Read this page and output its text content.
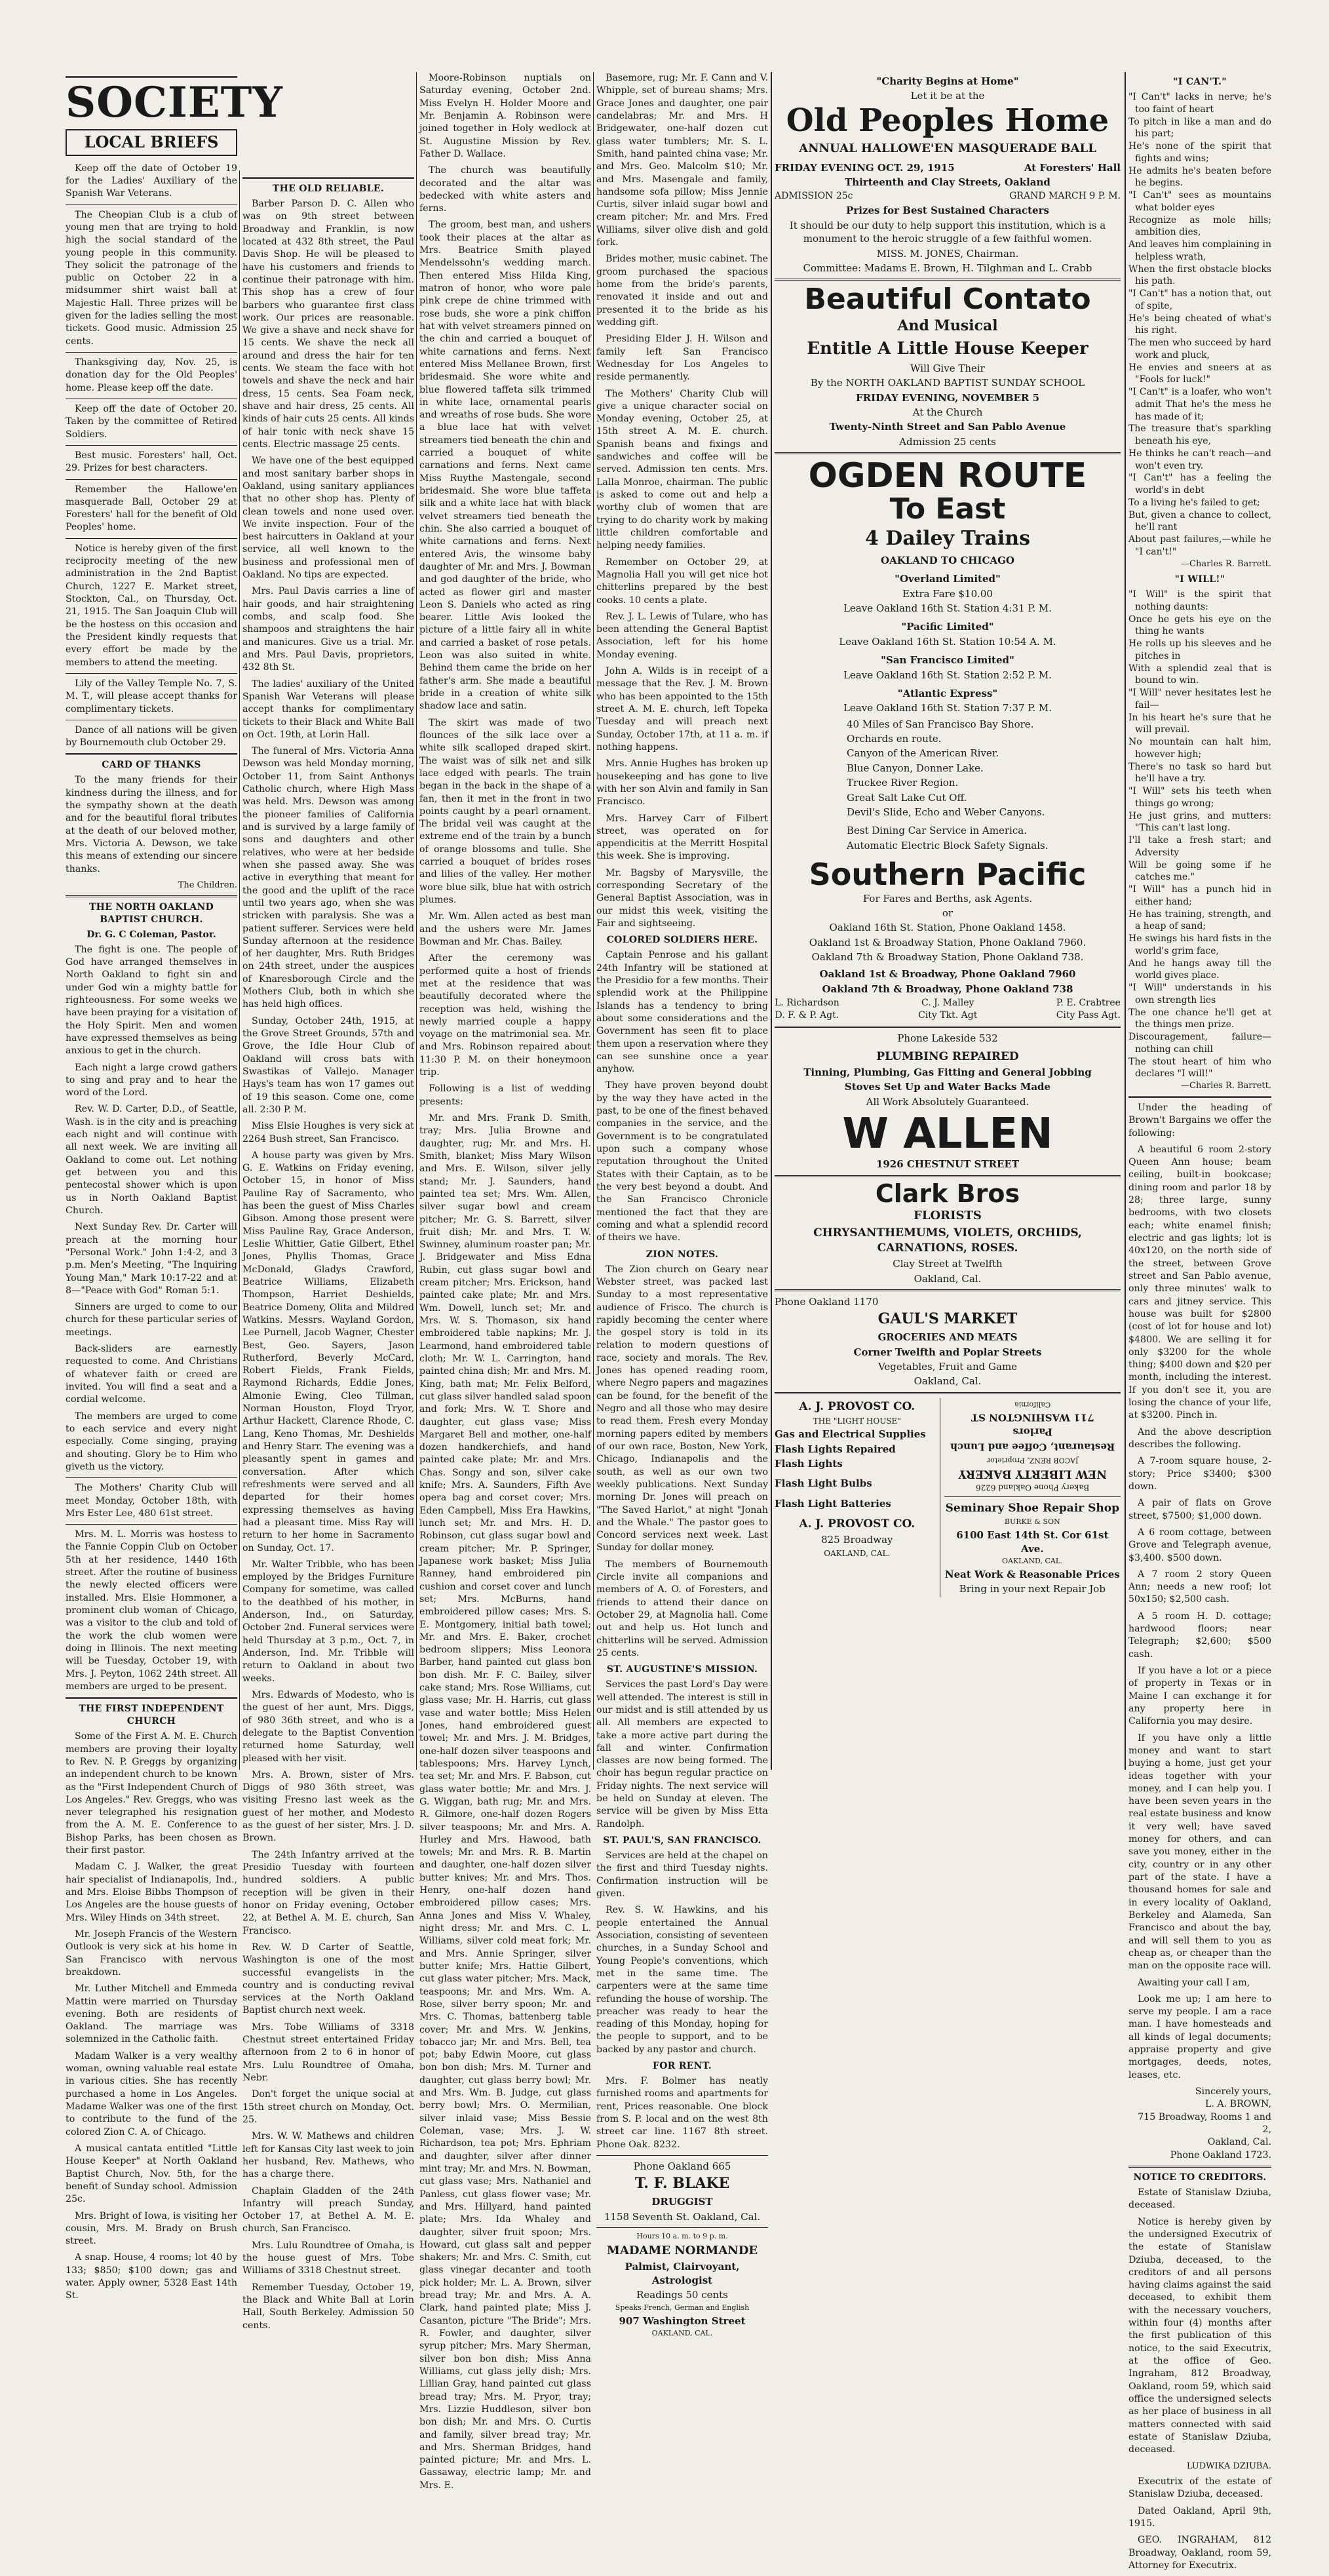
SOCIETY
LOCAL BRIEFS

Keep off the date of October 19 for the Ladies' Auxiliary of the Spanish War Veterans.

The Cheopian Club is a club of young men that are trying to hold high the social standard of the young people in this community. They solicit the patronage of the public on October 22 in a midsummer shirt waist ball at Majestic Hall. Three prizes will be given for the ladies selling the most tickets. Good music. Admission 25 cents.

Thanksgiving day, Nov. 25, is donation day for the Old Peoples' home. Please keep off the date.

Keep off the date of October 20. Taken by the committee of Retired Soldiers.

Best music. Foresters' hall, Oct. 29. Prizes for best characters.

Remember the Hallowe'en masquerade Ball, October 29 at Foresters' hall for the benefit of Old Peoples' home.

Notice is hereby given of the first reciprocity meeting of the new administration in the 2nd Baptist Church, 1227 E. Market street, Stockton, Cal., on Thursday, Oct. 21, 1915. The San Joaquin Club will be the hostess on this occasion and the President kindly requests that every effort be made by the members to attend the meeting.

Lily of the Valley Temple No. 7, S. M. T., will please accept thanks for complimentary tickets.

Dance of all nations will be given by Bournemouth club October 29.

CARD OF THANKS

To the many friends for their kindness during the illness, and for the sympathy shown at the death and for the beautiful floral tributes at the death of our beloved mother, Mrs. Victoria A. Dewson, we take this means of extending our sincere thanks.

The Children.
THE NORTH OAKLAND BAPTIST CHURCH.
Dr. G. C Coleman, Pastor.

The fight is one. The people of God have arranged themselves in North Oakland to fight sin and under God win a mighty battle for righteousness. For some weeks we have been praying for a visitation of the Holy Spirit. Men and women have expressed themselves as being anxious to get in the church.

Each night a large crowd gathers to sing and pray and to hear the word of the Lord.

Rev. W. D. Carter, D.D., of Seattle, Wash. is in the city and is preaching each night and will continue with all next week. We are inviting all Oakland to come out. Let nothing get between you and this pentecostal shower which is upon us in North Oakland Baptist Church.

Next Sunday Rev. Dr. Carter will preach at the morning hour "Personal Work." John 1:4-2, and 3 p.m. Men's Meeting, "The Inquiring Young Man," Mark 10:17-22 and at 8—"Peace with God" Roman 5:1.

Sinners are urged to come to our church for these particular series of meetings.

Back-sliders are earnestly requested to come. And Christians of whatever faith or creed are invited. You will find a seat and a cordial welcome.

The members are urged to come to each service and every night especially. Come singing, praying and shouting. Glory be to Him who giveth us the victory.

The Mothers' Charity Club will meet Monday, October 18th, with Mrs Ester Lee, 480 61st street.

Mrs. M. L. Morris was hostess to the Fannie Coppin Club on October 5th at her residence, 1440 16th street. After the routine of business the newly elected officers were installed. Mrs. Elsie Hommoner, a prominent club woman of Chicago, was a visitor to the club and told of the work the club women were doing in Illinois. The next meeting will be Tuesday, October 19, with Mrs. J. Peyton, 1062 24th street. All members are urged to be present.

THE FIRST INDEPENDENT CHURCH

Some of the First A. M. E. Church members are proving their loyalty to Rev. N. P. Greggs by organizing an independent church to be known as the "First Independent Church of Los Angeles." Rev. Greggs, who was never telegraphed his resignation from the A. M. E. Conference to Bishop Parks, has been chosen as their first pastor.

Madam C. J. Walker, the great hair specialist of Indianapolis, Ind., and Mrs. Eloise Bibbs Thompson of Los Angeles are the house guests of Mrs. Wiley Hinds on 34th street.

Mr. Joseph Francis of the Western Outlook is very sick at his home in San Francisco with nervous breakdown.

Mr. Luther Mitchell and Emmeda Mattin were married on Thursday evening. Both are residents of Oakland. The marriage was solemnized in the Catholic faith.

Madam Walker is a very wealthy woman, owning valuable real estate in various cities. She has recently purchased a home in Los Angeles. Madame Walker was one of the first to contribute to the fund of the colored Zion C. A. of Chicago.

A musical cantata entitled "Little House Keeper" at North Oakland Baptist Church, Nov. 5th, for the benefit of Sunday school. Admission 25c.

Mrs. Bright of Iowa, is visiting her cousin, Mrs. M. Brady on Brush street.

A snap. House, 4 rooms; lot 40 by 133; $850; $100 down; gas and water. Apply owner, 5328 East 14th St.

THE OLD RELIABLE.

Barber Parson D. C. Allen who was on 9th street between Broadway and Franklin, is now located at 432 8th street, the Paul Davis Shop. He will be pleased to have his customers and friends to continue their patronage with him. This shop has a crew of four barbers who guarantee first class work. Our prices are reasonable. We give a shave and neck shave for 15 cents. We shave the neck all around and dress the hair for ten cents. We steam the face with hot towels and shave the neck and hair dress, 15 cents. Sea Foam neck, shave and hair dress, 25 cents. All kinds of hair cuts 25 cents. All kinds of hair tonic with neck shave 15 cents. Electric massage 25 cents.

We have one of the best equipped and most sanitary barber shops in Oakland, using sanitary appliances that no other shop has. Plenty of clean towels and none used over. We invite inspection. Four of the best haircutters in Oakland at your service, all well known to the business and professional men of Oakland. No tips are expected.

Mrs. Paul Davis carries a line of hair goods, and hair straightening combs, and scalp food. She shampoos and straightens the hair and manicures. Give us a trial. Mr. and Mrs. Paul Davis, proprietors, 432 8th St.

The ladies' auxiliary of the United Spanish War Veterans will please accept thanks for complimentary tickets to their Black and White Ball on Oct. 19th, at Lorin Hall.

The funeral of Mrs. Victoria Anna Dewson was held Monday morning, October 11, from Saint Anthonys Catholic church, where High Mass was held. Mrs. Dewson was among the pioneer families of California and is survived by a large family of sons and daughters and other relatives, who were at her bedside when she passed away. She was active in everything that meant for the good and the uplift of the race until two years ago, when she was stricken with paralysis. She was a patient sufferer. Services were held Sunday afternoon at the residence of her daughter, Mrs. Ruth Bridges on 24th street, under the auspices of Knaresborough Circle and the Mothers Club, both in which she has held high offices.

Sunday, October 24th, 1915, at the Grove Street Grounds, 57th and Grove, the Idle Hour Club of Oakland will cross bats with Swastikas of Vallejo. Manager Hays's team has won 17 games out of 19 this season. Come one, come all. 2:30 P. M.

Miss Elsie Houghes is very sick at 2264 Bush street, San Francisco.

A house party was given by Mrs. G. E. Watkins on Friday evening, October 15, in honor of Miss Pauline Ray of Sacramento, who has been the guest of Miss Charles Gibson. Among those present were Miss Pauline Ray, Grace Anderson, Leslie Whittier, Gatie Gilbert, Ethel Jones, Phyllis Thomas, Grace McDonald, Gladys Crawford, Beatrice Williams, Elizabeth Thompson, Harriet Deshields, Beatrice Domeny, Olita and Mildred Watkins. Messrs. Wayland Gordon, Lee Purnell, Jacob Wagner, Chester Best, Geo. Sayers, Jason Rutherford, Beverly McCard, Robert Fields, Frank Fields, Raymond Richards, Eddie Jones, Almonie Ewing, Cleo Tillman, Norman Houston, Floyd Tryor, Arthur Hackett, Clarence Rhode, C. Lang, Keno Thomas, Mr. Deshields and Henry Starr. The evening was a pleasantly spent in games and conversation. After which refreshments were served and all departed for their homes expressing themselves as having had a pleasant time. Miss Ray will return to her home in Sacramento on Sunday, Oct. 17.

Mr. Walter Tribble, who has been employed by the Bridges Furniture Company for sometime, was called to the deathbed of his mother, in Anderson, Ind., on Saturday, October 2nd. Funeral services were held Thursday at 3 p.m., Oct. 7, in Anderson, Ind. Mr. Tribble will return to Oakland in about two weeks.

Mrs. Edwards of Modesto, who is the guest of her aunt, Mrs. Diggs, of 980 36th street, and who is a delegate to the Baptist Convention returned home Saturday, well pleased with her visit.

Mrs. A. Brown, sister of Mrs. Diggs of 980 36th street, was visiting Fresno last week as the guest of her mother, and Modesto as the guest of her sister, Mrs. J. D. Brown.

The 24th Infantry arrived at the Presidio Tuesday with fourteen hundred soldiers. A public reception will be given in their honor on Friday evening, October 22, at Bethel A. M. E. church, San Francisco.

Rev. W. D Carter of Seattle, Washington is one of the most successful evangelists in the country and is conducting revival services at the North Oakland Baptist church next week.

Mrs. Tobe Williams of 3318 Chestnut street entertained Friday afternoon from 2 to 6 in honor of Mrs. Lulu Roundtree of Omaha, Nebr.

Don't forget the unique social at 15th street church on Monday, Oct. 25.

Mrs. W. W. Mathews and children left for Kansas City last week to join her husband, Rev. Mathews, who has a charge there.

Chaplain Gladden of the 24th Infantry will preach Sunday, October 17, at Bethel A. M. E. church, San Francisco.

Mrs. Lulu Roundtree of Omaha, is the house guest of Mrs. Tobe Williams of 3318 Chestnut street.

Remember Tuesday, October 19, the Black and White Ball at Lorin Hall, South Berkeley. Admission 50 cents.

Moore-Robinson nuptials on Saturday evening, October 2nd. Miss Evelyn H. Holder Moore and Mr. Benjamin A. Robinson were joined together in Holy wedlock at St. Augustine Mission by Rev. Father D. Wallace.

The church was beautifully decorated and the altar was bedecked with white asters and ferns.

The groom, best man, and ushers took their places at the altar as Mrs. Beatrice Smith played Mendelssohn's wedding march. Then entered Miss Hilda King, matron of honor, who wore pale pink crepe de chine trimmed with rose buds, she wore a pink chiffon hat with velvet streamers pinned on the chin and carried a bouquet of white carnations and ferns. Next entered Miss Mellanee Brown, first bridesmaid. She wore white and blue flowered taffeta silk trimmed in white lace, ornamental pearls and wreaths of rose buds. She wore a blue lace hat with velvet streamers tied beneath the chin and carried a bouquet of white carnations and ferns. Next came Miss Ruythe Mastengale, second bridesmaid. She wore blue taffeta silk and a white lace hat with black velvet streamers tied beneath the chin. She also carried a bouquet of white carnations and ferns. Next entered Avis, the winsome baby daughter of Mr. and Mrs. J. Bowman and god daughter of the bride, who acted as flower girl and master Leon S. Daniels who acted as ring bearer. Little Avis looked the picture of a little fairy all in white and carried a basket of rose petals. Leon was also suited in white. Behind them came the bride on her father's arm. She made a beautiful bride in a creation of white silk shadow lace and satin.

The skirt was made of two flounces of the silk lace over a white silk scalloped draped skirt. The waist was of silk net and silk lace edged with pearls. The train began in the back in the shape of a fan, then it met in the front in two points caught by a pearl ornament. The bridal veil was caught at the extreme end of the train by a bunch of orange blossoms and tulle. She carried a bouquet of brides roses and lilies of the valley. Her mother wore blue silk, blue hat with ostrich plumes.

Mr. Wm. Allen acted as best man and the ushers were Mr. James Bowman and Mr. Chas. Bailey.

After the ceremony was performed quite a host of friends met at the residence that was beautifully decorated where the reception was held, wishing the newly married couple a happy voyage on the matrimonial sea. Mr. and Mrs. Robinson repaired about 11:30 P. M. on their honeymoon trip.

Following is a list of wedding presents:

Mr. and Mrs. Frank D. Smith, tray; Mrs. Julia Browne and daughter, rug; Mr. and Mrs. H. Smith, blanket; Miss Mary Wilson and Mrs. E. Wilson, silver jelly stand; Mr. J. Saunders, hand painted tea set; Mrs. Wm. Allen, silver sugar bowl and cream pitcher; Mr. G. S. Barrett, silver fruit dish; Mr. and Mrs. T. W. Swinney, aluminum roaster pan; Mr. J. Bridgewater and Miss Edna Rubin, cut glass sugar bowl and cream pitcher; Mrs. Erickson, hand painted cake plate; Mr. and Mrs. Wm. Dowell, lunch set; Mr. and Mrs. W. S. Thomason, six hand embroidered table napkins; Mr. J. Learmond, hand embroidered table cloth; Mr. W. L. Carrington, hand painted china dish; Mr. and Mrs. M. King, bath mat; Mr. Felix Belford, cut glass silver handled salad spoon and fork; Mrs. W. T. Shore and daughter, cut glass vase; Miss Margaret Bell and mother, one-half dozen handkerchiefs, and hand painted cake plate; Mr. and Mrs. Chas. Songy and son, silver cake knife; Mrs. A. Saunders, Fifth Ave opera bag and corset cover; Mrs. Eden Campbell, Miss Era Hawkins, lunch set; Mr. and Mrs. H. D. Robinson, cut glass sugar bowl and cream pitcher; Mr. P. Springer, Japanese work basket; Miss Julia Ranney, hand embroidered pin cushion and corset cover and lunch set; Mrs. McBurns, hand embroidered pillow cases; Mrs. S. E. Montgomery, initial bath towel; Mr. and Mrs. E. Baker, crochet bedroom slippers; Miss Leonora Barber, hand painted cut glass bon bon dish. Mr. F. C. Bailey, silver cake stand; Mrs. Rose Williams, cut glass vase; Mr. H. Harris, cut glass vase and water bottle; Miss Helen Jones, hand embroidered guest towel; Mr. and Mrs. J. M. Bridges, one-half dozen silver teaspoons and tablespoons; Mrs. Harvey Lynch, tea set; Mr. and Mrs. F. Babson, cut glass water bottle; Mr. and Mrs. J. G. Wiggan, bath rug; Mr. and Mrs. R. Gilmore, one-half dozen Rogers silver teaspoons; Mr. and Mrs. A. Hurley and Mrs. Hawood, bath towels; Mr. and Mrs. R. B. Martin and daughter, one-half dozen silver butter knives; Mr. and Mrs. Thos. Henry, one-half dozen hand embroidered pillow cases; Mrs. Anna Jones and Miss V. Whaley, night dress; Mr. and Mrs. C. L. Williams, silver cold meat fork; Mr. and Mrs. Annie Springer, silver butter knife; Mrs. Hattie Gilbert, cut glass water pitcher; Mrs. Mack, teaspoons; Mr. and Mrs. Wm. A. Rose, silver berry spoon; Mr. and Mrs. C. Thomas, battenberg table cover; Mr. and Mrs. W. Jenkins, tobacco jar; Mr. and Mrs. Bell, tea pot; baby Edwin Moore, cut glass bon bon dish; Mrs. M. Turner and daughter, cut glass berry bowl; Mr. and Mrs. Wm. B. Judge, cut glass berry bowl; Mrs. O. Mermilian, silver inlaid vase; Miss Bessie Coleman, vase; Mrs. J. W. Richardson, tea pot; Mrs. Ephriam and daughter, silver after dinner mint tray; Mr. and Mrs. N. Bowman, cut glass vase; Mrs. Nathaniel and Panless, cut glass flower vase; Mr. and Mrs. Hillyard, hand painted plate; Mrs. Ida Whaley and daughter, silver fruit spoon; Mrs. Howard, cut glass salt and pepper shakers; Mr. and Mrs. C. Smith, cut glass vinegar decanter and tooth pick holder; Mr. L. A. Brown, silver bread tray; Mr. and Mrs. A. A. Clark, hand painted plate; Miss J. Casanton, picture "The Bride"; Mrs. R. Fowler, and daughter, silver syrup pitcher; Mrs. Mary Sherman, silver bon bon dish; Miss Anna Williams, cut glass jelly dish; Mrs. Lillian Gray, hand painted cut glass bread tray; Mrs. M. Pryor, tray; Mrs. Lizzie Huddleson, silver bon bon dish; Mr. and Mrs. O. Curtis and family, silver bread tray; Mr. and Mrs. Sherman Bridges, hand painted picture; Mr. and Mrs. L. Gassaway, electric lamp; Mr. and Mrs. E.

Basemore, rug; Mr. F. Cann and V. Whipple, set of bureau shams; Mrs. Grace Jones and daughter, one pair candelabras; Mr. and Mrs. H Bridgewater, one-half dozen cut glass water tumblers; Mr. S. L. Smith, hand painted china vase; Mr. and Mrs. Geo. Malcolm $10; Mr. and Mrs. Masengale and family, handsome sofa pillow; Miss Jennie Curtis, silver inlaid sugar bowl and cream pitcher; Mr. and Mrs. Fred Williams, silver olive dish and gold fork.

Brides mother, music cabinet. The groom purchased the spacious home from the bride's parents, renovated it inside and out and presented it to the bride as his wedding gift.

Presiding Elder J. H. Wilson and family left San Francisco Wednesday for Los Angeles to reside permanently.

The Mothers' Charity Club will give a unique character social on Monday evening, October 25, at 15th street A. M. E. church. Spanish beans and fixings and sandwiches and coffee will be served. Admission ten cents. Mrs. Lalla Monroe, chairman. The public is asked to come out and help a worthy club of women that are trying to do charity work by making little children comfortable and helping needy families.

Remember on October 29, at Magnolia Hall you will get nice hot chitterlins prepared by the best cooks. 10 cents a plate.

Rev. J. L. Lewis of Tulare, who has been attending the General Baptist Association, left for his home Monday evening.

John A. Wilds is in receipt of a message that the Rev. J. M. Brown who has been appointed to the 15th street A. M. E. church, left Topeka Tuesday and will preach next Sunday, October 17th, at 11 a. m. if nothing happens.

Mrs. Annie Hughes has broken up housekeeping and has gone to live with her son Alvin and family in San Francisco.

Mrs. Harvey Carr of Filbert street, was operated on for appendicitis at the Merritt Hospital this week. She is improving.

Mr. Bagsby of Marysville, the corresponding Secretary of the General Baptist Association, was in our midst this week, visiting the Fair and sightseeing.

COLORED SOLDIERS HERE.

Captain Penrose and his gallant 24th Infantry will be stationed at the Presidio for a few months. Their splendid work at the Philippine Islands has a tendency to bring about some considerations and the Government has seen fit to place them upon a reservation where they can see sunshine once a year anyhow.

They have proven beyond doubt by the way they have acted in the past, to be one of the finest behaved companies in the service, and the Government is to be congratulated upon such a company whose reputation throughout the United States with their Captain, as to be the very best beyond a doubt. And the San Francisco Chronicle mentioned the fact that they are coming and what a splendid record of theirs we have.

ZION NOTES.

The Zion church on Geary near Webster street, was packed last Sunday to a most representative audience of Frisco. The church is rapidly becoming the center where the gospel story is told in its relation to modern questions of race, society and morals. The Rev. Jones has opened reading room, where Negro papers and magazines can be found, for the benefit of the Negro and all those who may desire to read them. Fresh every Monday morning papers edited by members of our own race, Boston, New York, Chicago, Indianapolis and the south, as well as our own two weekly publications. Next Sunday morning Dr. Jones will preach on "The Saved Harlot," at night "Jonah and the Whale." The pastor goes to Concord services next week. Last Sunday for dollar money.

The members of Bournemouth Circle invite all companions and members of A. O. of Foresters, and friends to attend their dance on October 29, at Magnolia hall. Come out and help us. Hot lunch and chitterlins will be served. Admission 25 cents.

ST. AUGUSTINE'S MISSION.

Services the past Lord's Day were well attended. The interest is still in our midst and is still attended by us all. All members are expected to take a more active part during the fall and winter. Confirmation classes are now being formed. The choir has begun regular practice on Friday nights. The next service will be held on Sunday at eleven. The service will be given by Miss Etta Randolph.

ST. PAUL'S, SAN FRANCISCO.

Services are held at the chapel on the first and third Tuesday nights. Confirmation instruction will be given.

Rev. S. W. Hawkins, and his people entertained the Annual Association, consisting of seventeen churches, in a Sunday School and Young People's conventions, which met in the same time. The carpenters were at the same time refunding the house of worship. The preacher was ready to hear the reading of this Monday, hoping for the people to support, and to be backed by any pastor and church.

FOR RENT.

Mrs. F. Bolmer has neatly furnished rooms and apartments for rent, Prices reasonable. One block from S. P. local and on the west 8th street car line. 1167 8th street. Phone Oak. 8232.

Phone Oakland 665
T. F. BLAKE
DRUGGIST
1158 Seventh St. Oakland, Cal.
Hours 10 a. m. to 9 p. m.
MADAME NORMANDE
Palmist, Clairvoyant, Astrologist
Readings 50 cents
Speaks French, German and English
907 Washington Street
OAKLAND, CAL.
"Charity Begins at Home"
Let it be at the
Old Peoples Home
ANNUAL HALLOWE'EN MASQUERADE BALL
FRIDAY EVENING OCT. 29, 1915	At Foresters' Hall
Thirteenth and Clay Streets, Oakland
ADMISSION 25c	GRAND MARCH 9 P. M.
Prizes for Best Sustained Characters
It should be our duty to help support this institution, which is a monument to the heroic struggle of a few faithful women.
MISS. M. JONES, Chairman.
Committee: Madams E. Brown, H. Tilghman and L. Crabb
Beautiful Contato
And Musical
Entitle A Little House Keeper
Will Give Their
By the NORTH OAKLAND BAPTIST SUNDAY SCHOOL
FRIDAY EVENING, NOVEMBER 5
At the Church
Twenty-Ninth Street and San Pablo Avenue
Admission 25 cents
OGDEN ROUTE
To East
4 Dailey Trains
OAKLAND TO CHICAGO
"Overland Limited"
Extra Fare $10.00
Leave Oakland 16th St. Station 4:31 P. M.
"Pacific Limited"
Leave Oakland 16th St. Station 10:54 A. M.
"San Francisco Limited"
Leave Oakland 16th St. Station 2:52 P. M.
"Atlantic Express"
Leave Oakland 16th St. Station 7:37 P. M.
40 Miles of San Francisco Bay Shore.
Orchards en route.
Canyon of the American River.
Blue Canyon, Donner Lake.
Truckee River Region.
Great Salt Lake Cut Off.
Devil's Slide, Echo and Weber Canyons.
Best Dining Car Service in America.
Automatic Electric Block Safety Signals.
Southern Pacific
For Fares and Berths, ask Agents.
or
Oakland 16th St. Station, Phone Oakland 1458.
Oakland 1st & Broadway Station, Phone Oakland 7960.
Oakland 7th & Broadway Station, Phone Oakland 738.
Oakland 1st & Broadway, Phone Oakland 7960
Oakland 7th & Broadway, Phone Oakland 738
L. Richardson
D. F. & P. Agt.
C. J. Malley
City Tkt. Agt
P. E. Crabtree
City Pass Agt.
Phone Lakeside 532
PLUMBING REPAIRED
Tinning, Plumbing, Gas Fitting and General Jobbing
Stoves Set Up and Water Backs Made
All Work Absolutely Guaranteed.
W ALLEN
1926 CHESTNUT STREET
Clark Bros
FLORISTS
CHRYSANTHEMUMS, VIOLETS, ORCHIDS, CARNATIONS, ROSES.
Clay Street at Twelfth
Oakland, Cal.
Phone Oakland 1170
GAUL'S MARKET
GROCERIES AND MEATS
Corner Twelfth and Poplar Streets
Vegetables, Fruit and Game
Oakland, Cal.
A. J. PROVOST CO.
THE "LIGHT HOUSE"
Gas and Electrical Supplies
Flash Lights Repaired
Flash Lights
Flash Light Bulbs
Flash Light Batteries
A. J. PROVOST CO.
825 Broadway
OAKLAND, CAL.
Bakery Phone Oakland 6226
NEW LIBERTY BAKERY
JACOB RENZ, Proprietor
Restaurant, Coffee and Lunch
Parlors
711 WASHINGTON ST
California
Seminary Shoe Repair Shop
BURKE & SON
6100 East 14th St. Cor 61st Ave.
OAKLAND, CAL.
Neat Work & Reasonable Prices
Bring in your next Repair Job
"I CAN'T."
"I Can't" lacks in nerve; he's too faint of heart
To pitch in like a man and do his part;
He's none of the spirit that fights and wins;
He admits he's beaten before he begins.
"I Can't" sees as mountains what bolder eyes
Recognize as mole hills; ambition dies,
And leaves him complaining in helpless wrath,
When the first obstacle blocks his path.
"I Can't" has a notion that, out of spite,
He's being cheated of what's his right.
The men who succeed by hard work and pluck,
He envies and sneers at as "Fools for luck!"
"I Can't" is a loafer, who won't admit That he's the mess he has made of it;
The treasure that's sparkling beneath his eye,
He thinks he can't reach—and won't even try.
"I Can't" has a feeling the world's in debt
To a living he's failed to get;
But, given a chance to collect, he'll rant
About past failures,—while he "I can't!"
—Charles R. Barrett.
"I WILL!"
"I Will" is the spirit that nothing daunts:
Once he gets his eye on the thing he wants
He rolls up his sleeves and he pitches in
With a splendid zeal that is bound to win.
"I Will" never hesitates lest he fail—
In his heart he's sure that he will prevail.
No mountain can halt him, however high;
There's no task so hard but he'll have a try.
"I Will" sets his teeth when things go wrong;
He just grins, and mutters: "This can't last long.
I'll take a fresh start; and Adversity
Will be going some if he catches me."
"I Will" has a punch hid in either hand;
He has training, strength, and a heap of sand;
He swings his hard fists in the world's grim face,
And he hangs away till the world gives place.
"I Will" understands in his own strength lies
The one chance he'll get at the things men prize.
Discouragement, failure—nothing can chill
The stout heart of him who declares "I will!"
—Charles R. Barrett.

Under the heading of Brown't Bargains we offer the following:

A beautiful 6 room 2-story Queen Ann house; beam ceiling, built-in bookcase; dining room and parlor 18 by 28; three large, sunny bedrooms, with two closets each; white enamel finish; electric and gas lights; lot is 40x120, on the north side of the street, between Grove street and San Pablo avenue, only three minutes' walk to cars and jitney service. This house was built for $2800 (cost of lot for house and lot) $4800. We are selling it for only $3200 for the whole thing; $400 down and $20 per month, including the interest. If you don't see it, you are losing the chance of your life, at $3200. Pinch in.

And the above description describes the following.

A 7-room square house, 2-story; Price $3400; $300 down.

A pair of flats on Grove street, $7500; $1,000 down.

A 6 room cottage, between Grove and Telegraph avenue, $3,400. $500 down.

A 7 room 2 story Queen Ann; needs a new roof; lot 50x150; $2,500 cash.

A 5 room H. D. cottage; hardwood floors; near Telegraph; $2,600; $500 cash.

If you have a lot or a piece of property in Texas or in Maine I can exchange it for any property here in California you may desire.

If you have only a little money and want to start buying a home, just get your ideas together with your money, and I can help you. I have been seven years in the real estate business and know it very well; have saved money for others, and can save you money, either in the city, country or in any other part of the state. I have a thousand homes for sale and in every locality of Oakland, Berkeley and Alameda, San Francisco and about the bay, and will sell them to you as cheap as, or cheaper than the man on the opposite race will.

Awaiting your call I am,

Look me up; I am here to serve my people. I am a race man. I have homesteads and all kinds of legal documents; appraise property and give mortgages, deeds, notes, leases, etc.

Sincerely yours,
L. A. BROWN,
715 Broadway, Rooms 1 and 2,
Oakland, Cal.
Phone Oakland 1723.
NOTICE TO CREDITORS.

Estate of Stanislaw Dziuba, deceased.

Notice is hereby given by the undersigned Executrix of the estate of Stanislaw Dziuba, deceased, to the creditors of and all persons having claims against the said deceased, to exhibit them with the necessary vouchers, within four (4) months after the first publication of this notice, to the said Executrix, at the office of Geo. Ingraham, 812 Broadway, Oakland, room 59, which said office the undersigned selects as her place of business in all matters connected with said estate of Stanislaw Dziuba, deceased.

LUDWIKA DZIUBA.

Executrix of the estate of Stanislaw Dziuba, deceased.

Dated Oakland, April 9th, 1915.

GEO. INGRAHAM, 812 Broadway, Oakland, room 59, Attorney for Executrix.
